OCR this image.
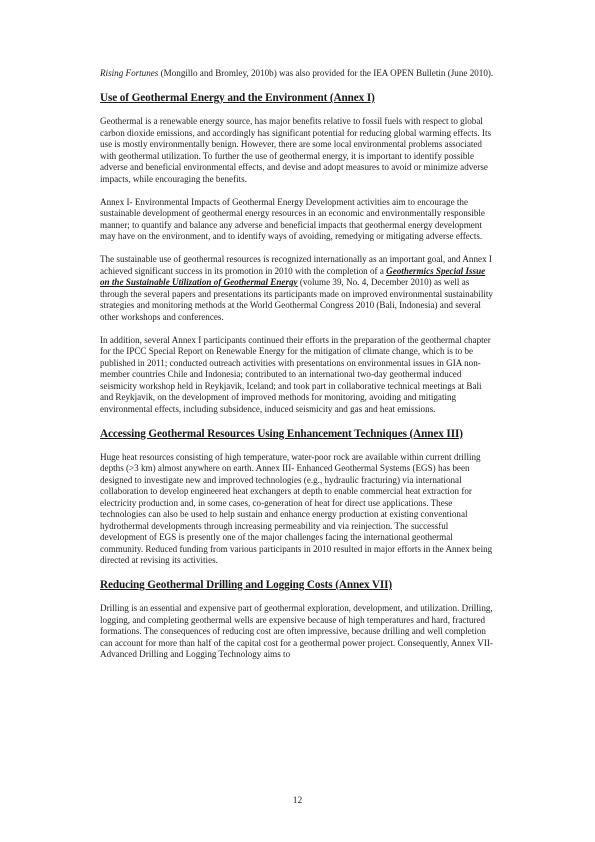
Rising Fortunes (Mongillo and Bromley, 2010b) was also provided for the IEA OPEN Bulletin (June 2010).

Use of Geothermal Energy and the Environment (Annex I)

Geothermal is a renewable energy source, has major benefits relative to fossil fuels with respect to global carbon dioxide emissions, and accordingly has significant potential for reducing global warming effects. Its use is mostly environmentally benign. However, there are some local environmental problems associated with geothermal utilization. To further the use of geothermal energy, it is important to identify possible adverse and beneficial environmental effects, and devise and adopt measures to avoid or minimize adverse impacts, while encouraging the benefits.

Annex I- Environmental Impacts of Geothermal Energy Development activities aim to encourage the sustainable development of geothermal energy resources in an economic and environmentally responsible manner; to quantify and balance any adverse and beneficial impacts that geothermal energy development may have on the environment, and to identify ways of avoiding, remedying or mitigating adverse effects.

The sustainable use of geothermal resources is recognized internationally as an important goal, and Annex I achieved significant success in its promotion in 2010 with the completion of a Geothermics Special Issue on the Sustainable Utilization of Geothermal Energy (volume 39, No. 4, December 2010) as well as through the several papers and presentations its participants made on improved environmental sustainability strategies and monitoring methods at the World Geothermal Congress 2010 (Bali, Indonesia) and several other workshops and conferences.

In addition, several Annex I participants continued their efforts in the preparation of the geothermal chapter for the IPCC Special Report on Renewable Energy for the mitigation of climate change, which is to be published in 2011; conducted outreach activities with presentations on environmental issues in GIA non-member countries Chile and Indonesia; contributed to an international two-day geothermal induced seismicity workshop held in Reykjavik, Iceland; and took part in collaborative technical meetings at Bali and Reykjavik, on the development of improved methods for monitoring, avoiding and mitigating environmental effects, including subsidence, induced seismicity and gas and heat emissions.

Accessing Geothermal Resources Using Enhancement Techniques (Annex III)

Huge heat resources consisting of high temperature, water-poor rock are available within current drilling depths (>3 km) almost anywhere on earth. Annex III- Enhanced Geothermal Systems (EGS) has been designed to investigate new and improved technologies (e.g., hydraulic fracturing) via international collaboration to develop engineered heat exchangers at depth to enable commercial heat extraction for electricity production and, in some cases, co-generation of heat for direct use applications. These technologies can also be used to help sustain and enhance energy production at existing conventional hydrothermal developments through increasing permeability and via reinjection. The successful development of EGS is presently one of the major challenges facing the international geothermal community. Reduced funding from various participants in 2010 resulted in major efforts in the Annex being directed at revising its activities.

Reducing Geothermal Drilling and Logging Costs (Annex VII)

Drilling is an essential and expensive part of geothermal exploration, development, and utilization. Drilling, logging, and completing geothermal wells are expensive because of high temperatures and hard, fractured formations. The consequences of reducing cost are often impressive, because drilling and well completion can account for more than half of the capital cost for a geothermal power project. Consequently, Annex VII- Advanced Drilling and Logging Technology aims to

12
